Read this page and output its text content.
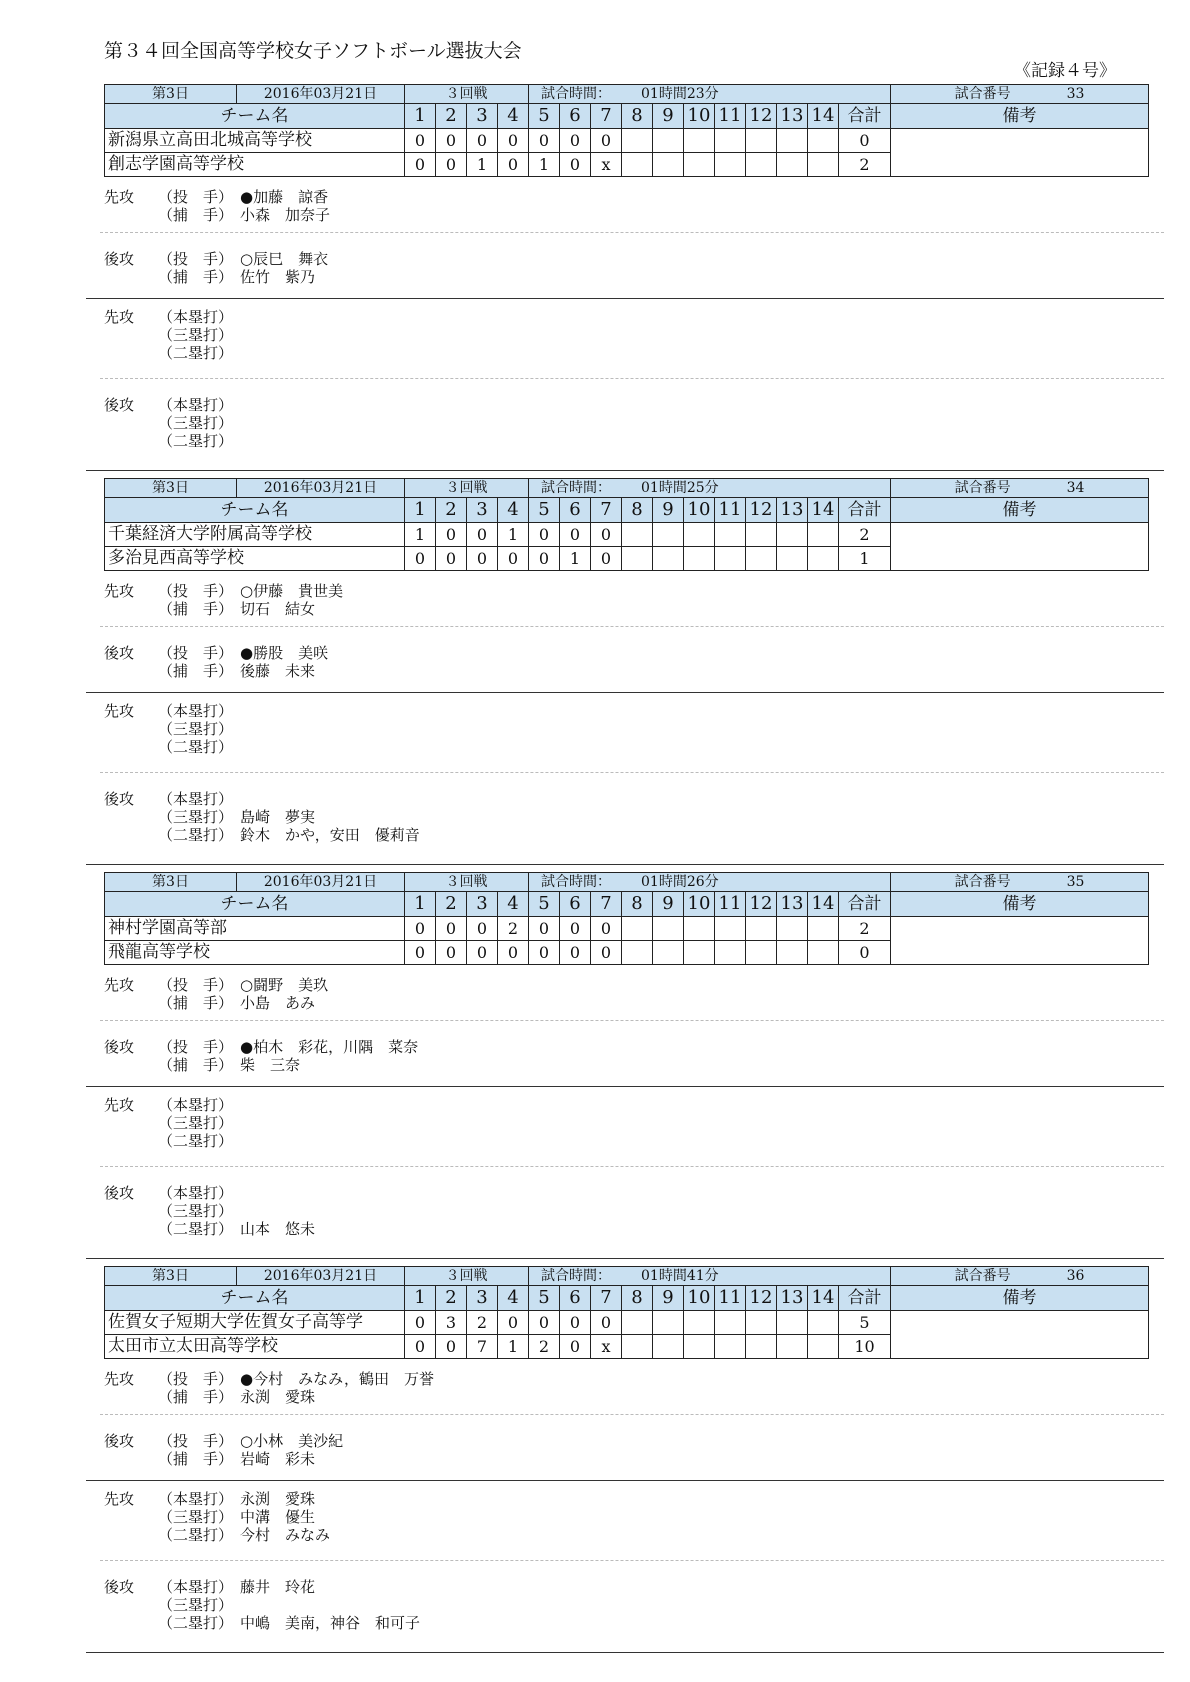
第３４回全国高等学校女子ソフトボール選抜大会
《記録４号》
第3日 2016年03月21日	３回戦				試合時間： 01時間23分											試合番号 33
チーム名	1	2	3	4	5	6	7	8	9	10	11	12	13	14	合計	備考
新潟県立高田北城高等学校	0	0	0	0	0	0	0								0	
創志学園高等学校	0	0	1	0	1	0	x								2	
先攻 （投　手） ●加藤　諒香
（捕　手） 小森　加奈子
後攻 （投　手） ○辰巳　舞衣
（捕　手） 佐竹　紫乃
先攻 （本塁打）
（三塁打）
（二塁打）
後攻 （本塁打）
（三塁打）
（二塁打）
第3日 2016年03月21日	３回戦				試合時間： 01時間25分											試合番号 34
チーム名	1	2	3	4	5	6	7	8	9	10	11	12	13	14	合計	備考
千葉経済大学附属高等学校	1	0	0	1	0	0	0								2	
多治見西高等学校	0	0	0	0	0	1	0								1	
先攻 （投　手） ○伊藤　貴世美
（捕　手） 切石　結女
後攻 （投　手） ●勝股　美咲
（捕　手） 後藤　未来
先攻 （本塁打）
（三塁打）
（二塁打）
後攻 （本塁打）
（三塁打） 島崎　夢実
（二塁打） 鈴木　かや，安田　優莉音
第3日 2016年03月21日	３回戦				試合時間： 01時間26分											試合番号 35
チーム名	1	2	3	4	5	6	7	8	9	10	11	12	13	14	合計	備考
神村学園高等部	0	0	0	2	0	0	0								2	
飛龍高等学校	0	0	0	0	0	0	0								0	
先攻 （投　手） ○闘野　美玖
（捕　手） 小島　あみ
後攻 （投　手） ●柏木　彩花，川隅　菜奈
（捕　手） 柴　三奈
先攻 （本塁打）
（三塁打）
（二塁打）
後攻 （本塁打）
（三塁打）
（二塁打） 山本　悠未
第3日 2016年03月21日	３回戦				試合時間： 01時間41分											試合番号 36
チーム名	1	2	3	4	5	6	7	8	9	10	11	12	13	14	合計	備考
佐賀女子短期大学佐賀女子高等学	0	3	2	0	0	0	0								5	
太田市立太田高等学校	0	0	7	1	2	0	x								10	
先攻 （投　手） ●今村　みなみ，鶴田　万誉
（捕　手） 永渕　愛珠
後攻 （投　手） ○小林　美沙紀
（捕　手） 岩崎　彩未
先攻 （本塁打） 永渕　愛珠
（三塁打） 中溝　優生
（二塁打） 今村　みなみ
後攻 （本塁打） 藤井　玲花
（三塁打）
（二塁打） 中嶋　美南，神谷　和可子
